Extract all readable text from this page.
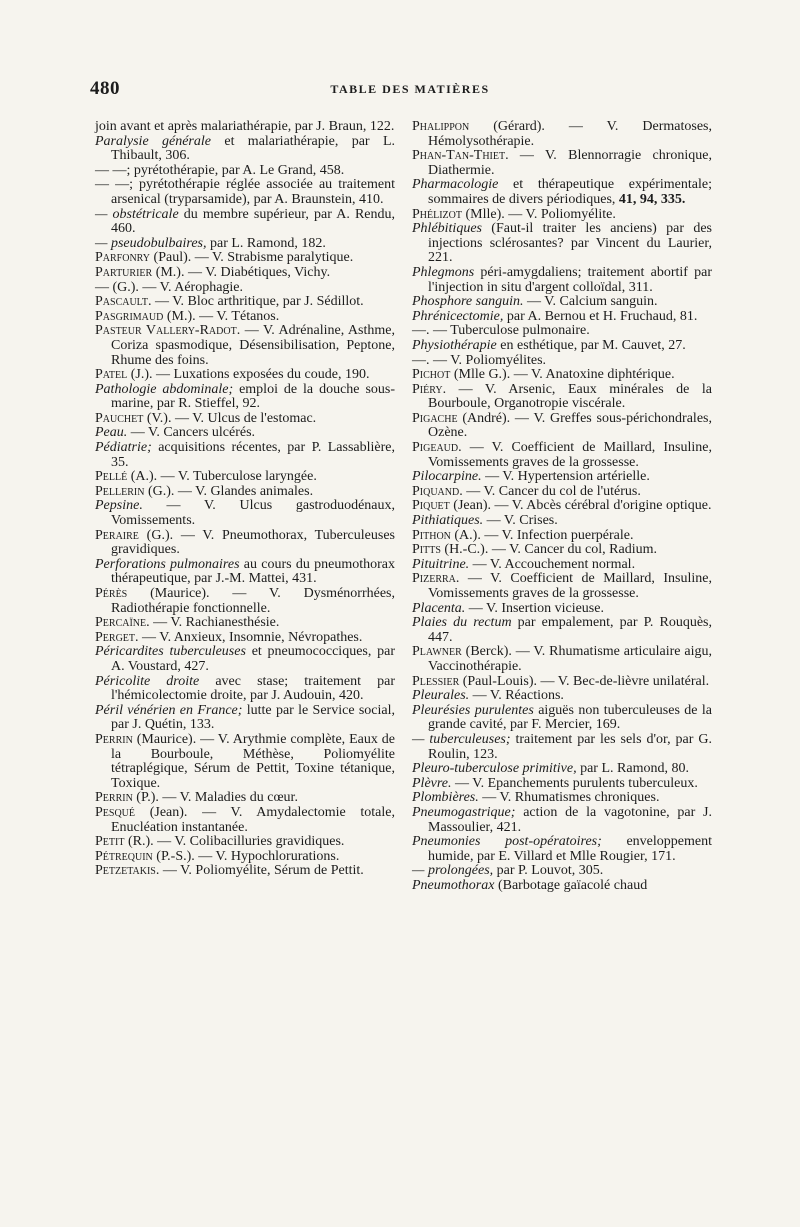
480	TABLE DES MATIÈRES

join avant et après malariathérapie, par J. Braun, 122.

Paralysie générale et malariathérapie, par L. Thibault, 306.

— —; pyrétothérapie, par A. Le Grand, 458.

— —; pyrétothérapie réglée associée au traitement arsenical (tryparsamide), par A. Braunstein, 410.

— obstétricale du membre supérieur, par A. Rendu, 460.

— pseudobulbaires, par L. Ramond, 182.

Parfonry (Paul). — V. Strabisme paralytique.

Parturier (M.). — V. Diabétiques, Vichy.

— (G.). — V. Aérophagie.

Pascault. — V. Bloc arthritique, par J. Sédillot.

Pasgrimaud (M.). — V. Tétanos.

Pasteur Vallery-Radot. — V. Adrénaline, Asthme, Coriza spasmodique, Désensibilisation, Peptone, Rhume des foins.

Patel (J.). — Luxations exposées du coude, 190.

Pathologie abdominale; emploi de la douche sous-marine, par R. Stieffel, 92.

Pauchet (V.). — V. Ulcus de l'estomac.

Peau. — V. Cancers ulcérés.

Pédiatrie; acquisitions récentes, par P. Lassablière, 35.

Pellé (A.). — V. Tuberculose laryngée.

Pellerin (G.). — V. Glandes animales.

Pepsine. — V. Ulcus gastroduodénaux, Vomissements.

Peraire (G.). — V. Pneumothorax, Tuberculeuses gravidiques.

Perforations pulmonaires au cours du pneumothorax thérapeutique, par J.-M. Mattei, 431.

Pérès (Maurice). — V. Dysménorrhées, Radiothérapie fonctionnelle.

Percaïne. — V. Rachianesthésie.

Perget. — V. Anxieux, Insomnie, Névropathes.

Péricardites tuberculeuses et pneumococciques, par A. Voustard, 427.

Péricolite droite avec stase; traitement par l'hémicolectomie droite, par J. Audouin, 420.

Péril vénérien en France; lutte par le Service social, par J. Quétin, 133.

Perrin (Maurice). — V. Arythmie complète, Eaux de la Bourboule, Méthèse, Poliomyélite tétraplégique, Sérum de Pettit, Toxine tétanique, Toxique.

Perrin (P.). — V. Maladies du cœur.

Pesqué (Jean). — V. Amydalectomie totale, Enucléation instantanée.

Petit (R.). — V. Colibacilluries gravidiques.

Pétrequin (P.-S.). — V. Hypochlorurations.

Petzetakis. — V. Poliomyélite, Sérum de Pettit.

Phalippon (Gérard). — V. Dermatoses, Hémolysothérapie.

Phan-Tan-Thiet. — V. Blennorragie chronique, Diathermie.

Pharmacologie et thérapeutique expérimentale; sommaires de divers périodiques, 41, 94, 335.

Phélizot (Mlle). — V. Poliomyélite.

Phlébitiques (Faut-il traiter les anciens) par des injections sclérosantes? par Vincent du Laurier, 221.

Phlegmons péri-amygdaliens; traitement abortif par l'injection in situ d'argent colloïdal, 311.

Phosphore sanguin. — V. Calcium sanguin.

Phrénicectomie, par A. Bernou et H. Fruchaud, 81.

—. — Tuberculose pulmonaire.

Physiothérapie en esthétique, par M. Cauvet, 27.

—. — V. Poliomyélites.

Pichot (Mlle G.). — V. Anatoxine diphtérique.

Piéry. — V. Arsenic, Eaux minérales de la Bourboule, Organotropie viscérale.

Pigache (André). — V. Greffes sous-périchondrales, Ozène.

Pigeaud. — V. Coefficient de Maillard, Insuline, Vomissements graves de la grossesse.

Pilocarpine. — V. Hypertension artérielle.

Piquand. — V. Cancer du col de l'utérus.

Piquet (Jean). — V. Abcès cérébral d'origine optique.

Pithiatiques. — V. Crises.

Pithon (A.). — V. Infection puerpérale.

Pitts (H.-C.). — V. Cancer du col, Radium.

Pituitrine. — V. Accouchement normal.

Pizerra. — V. Coefficient de Maillard, Insuline, Vomissements graves de la grossesse.

Placenta. — V. Insertion vicieuse.

Plaies du rectum par empalement, par P. Rouquès, 447.

Plawner (Berck). — V. Rhumatisme articulaire aigu, Vaccinothérapie.

Plessier (Paul-Louis). — V. Bec-de-lièvre unilatéral.

Pleurales. — V. Réactions.

Pleurésies purulentes aiguës non tuberculeuses de la grande cavité, par F. Mercier, 169.

— tuberculeuses; traitement par les sels d'or, par G. Roulin, 123.

Pleuro-tuberculose primitive, par L. Ramond, 80.

Plèvre. — V. Epanchements purulents tuberculeux.

Plombières. — V. Rhumatismes chroniques.

Pneumogastrique; action de la vagotonine, par J. Massoulier, 421.

Pneumonies post-opératoires; enveloppement humide, par E. Villard et Mlle Rougier, 171.

— prolongées, par P. Louvot, 305.

Pneumothorax (Barbotage gaïacolé chaud
